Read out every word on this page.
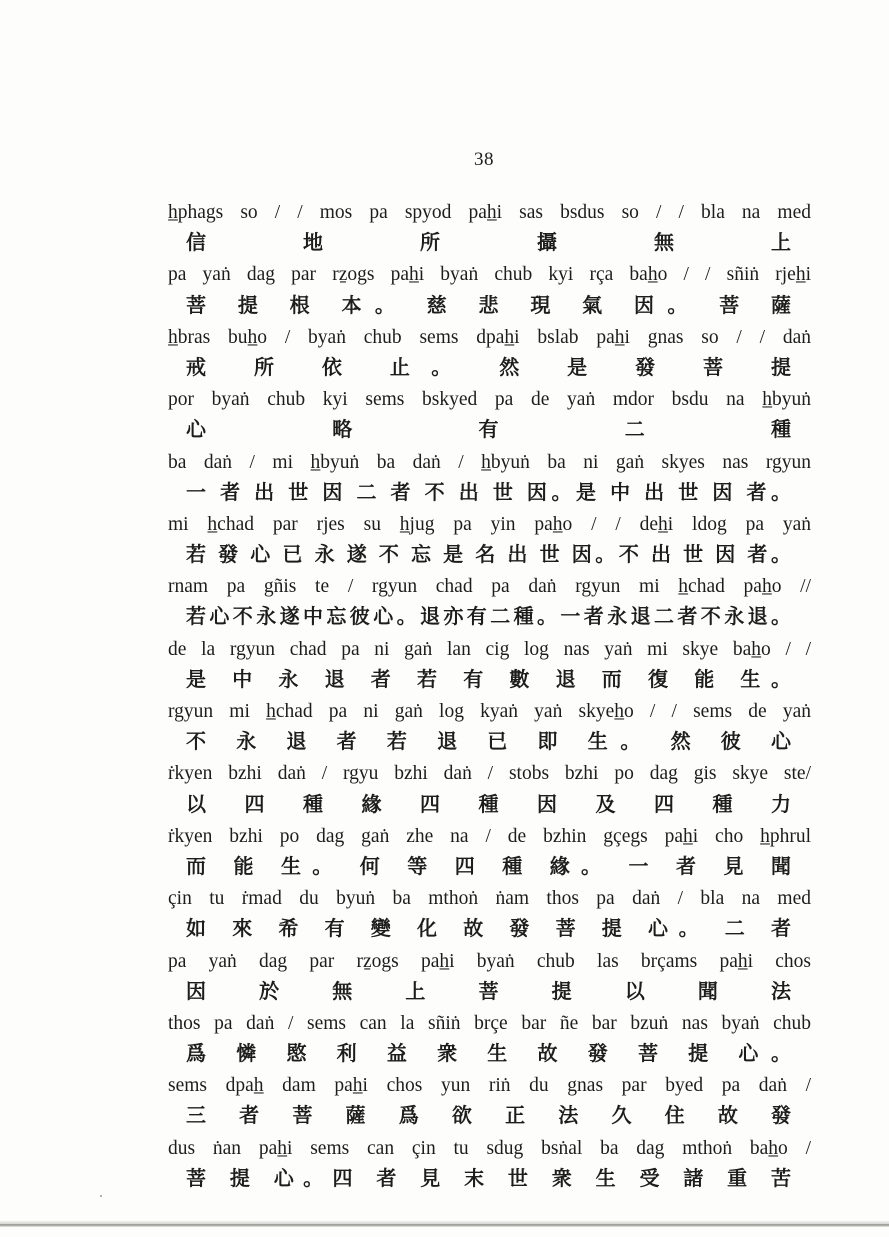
38
h̲phags so / / mos pa spyod pah̲i sas bsdus so / / bla na med
信 地 所 攝 無 上
pa yaṅ dag par rẕogs pah̲i byaṅ chub kyi rça bah̲o / / sñiṅ rjeh̲i
菩 提 根 本。 慈 悲 現 氣 因。 菩 薩
h̲bras buh̲o / byaṅ chub sems dpah̲i bslab pah̲i gnas so / / daṅ
戒 所 依 止。 然 是 發 菩 提
por byaṅ chub kyi sems bskyed pa de yaṅ mdor bsdu na h̲byuṅ
心 略 有 二 種
ba daṅ / mi h̲byuṅ ba daṅ / h̲byuṅ ba ni gaṅ skyes nas rgyun
一 者 出 世 因 二 者 不 出 世 因。是 中 出 世 因 者。
mi h̲chad par rjes su h̲jug pa yin pah̲o / / deh̲i ldog pa yaṅ
若 發 心 已 永 遂 不 忘 是 名 出 世 因。不 出 世 因 者。
rnam pa gñis te / rgyun chad pa daṅ rgyun mi h̲chad pah̲o //
若心不永遂中忘彼心。退亦有二種。一者永退二者不永退。
de la rgyun chad pa ni gaṅ lan cig log nas yaṅ mi skye bah̲o / /
是 中 永 退 者 若 有 數 退 而 復 能 生。
rgyun mi h̲chad pa ni gaṅ log kyaṅ yaṅ skyeh̲o / / sems de yaṅ
不 永 退 者 若 退 已 即 生。 然 彼 心
ṙkyen bzhi daṅ / rgyu bzhi daṅ / stobs bzhi po dag gis skye ste/
以 四 種 緣 四 種 因 及 四 種 力
ṙkyen bzhi po dag gaṅ zhe na / de bzhin gçegs pah̲i cho h̲phrul
而 能 生。 何 等 四 種 緣。 一 者 見 聞
çin tu ṙmad du byuṅ ba mthoṅ ṅam thos pa daṅ / bla na med
如 來 希 有 變 化 故 發 菩 提 心。 二 者
pa yaṅ dag par rẕogs pah̲i byaṅ chub las brçams pah̲i chos
因 於 無 上 菩 提 以 聞 法
thos pa daṅ / sems can la sñiṅ brçe bar ñe bar bzuṅ nas byaṅ chub
爲 憐 愍 利 益 衆 生 故 發 菩 提 心。
sems dpah̲ dam pah̲i chos yun riṅ du gnas par byed pa daṅ /
三 者 菩 薩 爲 欲 正 法 久 住 故 發
dus ṅan pah̲i sems can çin tu sdug bsṅal ba dag mthoṅ bah̲o /
菩 提 心。四 者 見 末 世 衆 生 受 諸 重 苦
